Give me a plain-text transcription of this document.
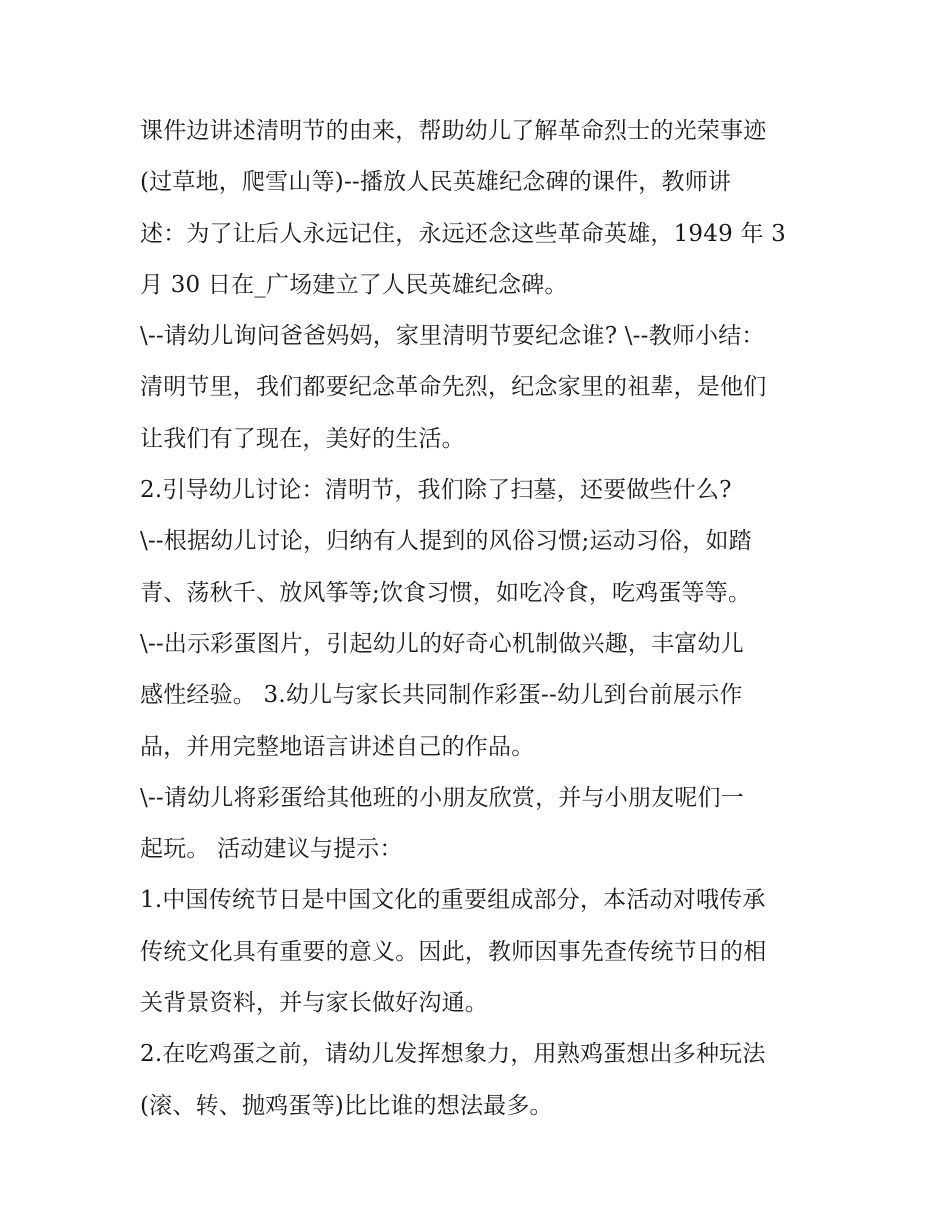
课件边讲述清明节的由来，帮助幼儿了解革命烈士的光荣事迹
(过草地，爬雪山等)--播放人民英雄纪念碑的课件，教师讲
述：为了让后人永远记住，永远还念这些革命英雄，1949 年 3
月 30 日在_广场建立了人民英雄纪念碑。
\--请幼儿询问爸爸妈妈，家里清明节要纪念谁? \--教师小结：
清明节里，我们都要纪念革命先烈，纪念家里的祖辈，是他们
让我们有了现在，美好的生活。
2.引导幼儿讨论：清明节，我们除了扫墓，还要做些什么?
\--根据幼儿讨论，归纳有人提到的风俗习惯;运动习俗，如踏
青、荡秋千、放风筝等;饮食习惯，如吃冷食，吃鸡蛋等等。
\--出示彩蛋图片，引起幼儿的好奇心机制做兴趣，丰富幼儿
感性经验。 3.幼儿与家长共同制作彩蛋--幼儿到台前展示作
品，并用完整地语言讲述自己的作品。
\--请幼儿将彩蛋给其他班的小朋友欣赏，并与小朋友呢们一
起玩。 活动建议与提示：
1.中国传统节日是中国文化的重要组成部分，本活动对哦传承
传统文化具有重要的意义。因此，教师因事先查传统节日的相
关背景资料，并与家长做好沟通。
2.在吃鸡蛋之前，请幼儿发挥想象力，用熟鸡蛋想出多种玩法
(滚、转、抛鸡蛋等)比比谁的想法最多。
